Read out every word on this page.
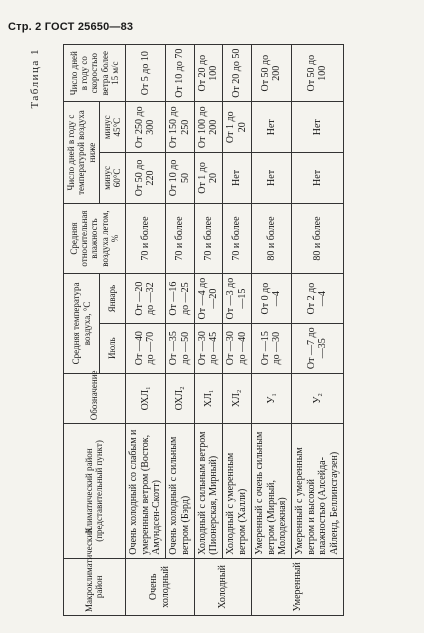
Стр. 2 ГОСТ 25650—83
Таблица 1
Макроклиматический район	Климатический район (представительный пункт)	Обозначение	Средняя температура воздуха, °С		Средняя относительная влажность воздуха летом, %	Число дней в году с температурой воздуха ниже		Число дней в году со скоростью ветра более 15 м/с
			Июль	Январь		минус 60°С	минус 45°С	
Очень холодный	Очень холодный со слабым и умеренным ветром (Восток, Амундсен-Скотт)	ОХЛ₁	От —40 до —70	От —20 до —32	70 и более	От 50 до 220	От 250 до 300	От 5 до 10
	Очень холодный с сильным ветром (Бэрд)	ОХЛ₂	От —35 до —50	От —16 до —25	70 и более	От 10 до 50	От 150 до 250	От 10 до 70
Холодный	Холодный с сильным ветром (Пионерская, Мирный)	ХЛ₁	От —30 до —45	От —4 до —20	70 и более	От 1 до 20	От 100 до 200	От 20 до 100
	Холодный с умеренным ветром (Халли)	ХЛ₂	От —30 до —40	От —3 до —15	70 и более	Нет	От 1 до 20	От 20 до 50
Умеренный	Умеренный с очень сильным ветром (Мирный, Молодежная)	У₁	От —15 до —30	От 0 до —4	80 и более	Нет	Нет	От 50 до 200
	Умеренный с умеренным ветром и высокой влажностью (Алсейда-Айленд, Беллинсгаузен)	У₂	От —7 до —35	От 2 до —4	80 и более	Нет	Нет	От 50 до 100
